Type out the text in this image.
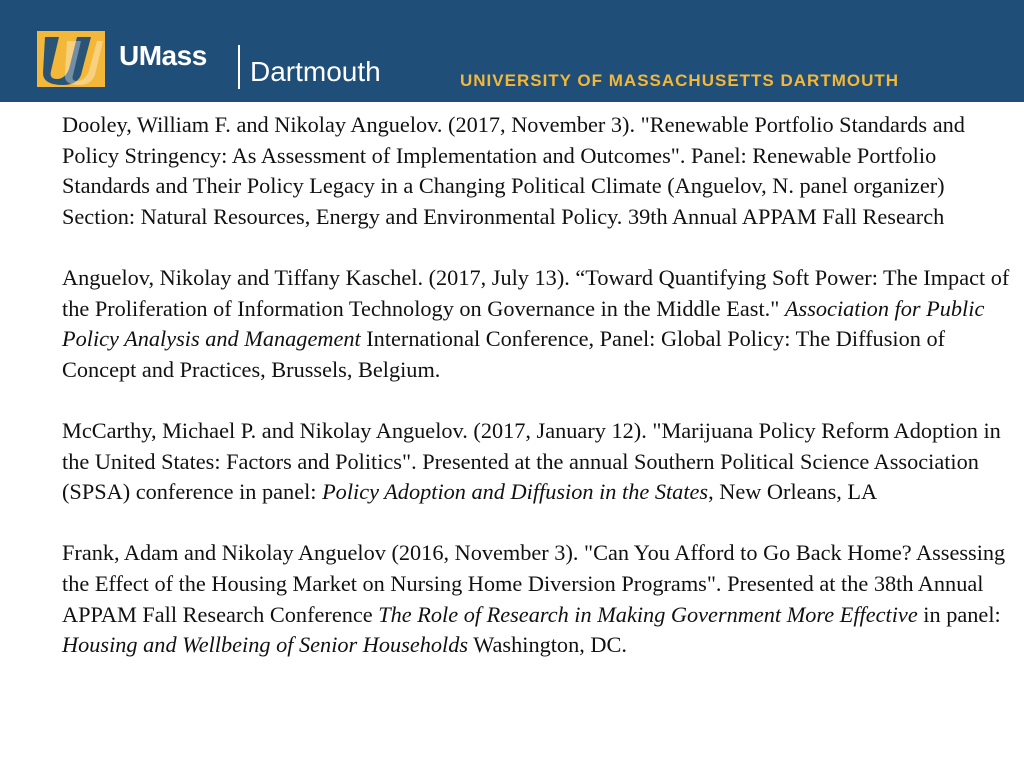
UMass
Dartmouth	UNIVERSITY OF MASSACHUSETTS DARTMOUTH

Dooley, William F. and Nikolay Anguelov. (2017, November 3). "Renewable Portfolio Standards and Policy Stringency: As Assessment of Implementation and Outcomes". Panel: Renewable Portfolio Standards and Their Policy Legacy in a Changing Political Climate (Anguelov, N. panel organizer) Section: Natural Resources, Energy and Environmental Policy. 39th Annual APPAM Fall Research

Anguelov, Nikolay and Tiffany Kaschel. (2017, July 13). “Toward Quantifying Soft Power: The Impact of the Proliferation of Information Technology on Governance in the Middle East." Association for Public Policy Analysis and Management International Conference, Panel: Global Policy: The Diffusion of Concept and Practices, Brussels, Belgium.

McCarthy, Michael P. and Nikolay Anguelov. (2017, January 12). "Marijuana Policy Reform Adoption in the United States: Factors and Politics". Presented at the annual Southern Political Science Association (SPSA) conference in panel: Policy Adoption and Diffusion in the States, New Orleans, LA

Frank, Adam and Nikolay Anguelov (2016, November 3). "Can You Afford to Go Back Home? Assessing the Effect of the Housing Market on Nursing Home Diversion Programs". Presented at the 38th Annual APPAM Fall Research Conference The Role of Research in Making Government More Effective in panel: Housing and Wellbeing of Senior Households Washington, DC.
